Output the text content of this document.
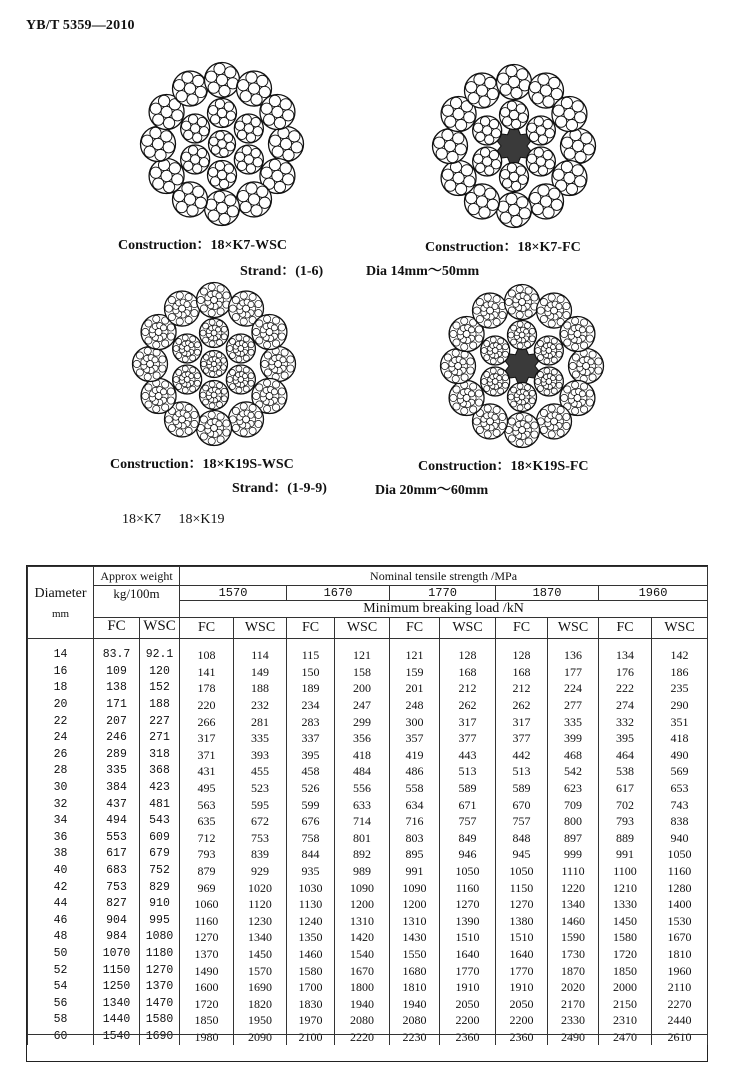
YB/T 5359—2010
Construction：18×K7-WSC	Construction：18×K7-FC
Strand：(1-6)	Dia 14mm～50mm
Construction：18×K19S-WSC	Construction：18×K19S-FC
Strand：(1-9-9)	Dia 20mm～60mm
18×K7 18×K19
Diameter
mm	Approx weight		Nominal tensile strength /MPa									
	kg/100m		1570		1670		1770		1870		1960	
			Minimum breaking load /kN									
	FC	WSC	FC	WSC	FC	WSC	FC	WSC	FC	WSC	FC	WSC
14	83.7	92.1	108	114	115	121	121	128	128	136	134	142
16	109	120	141	149	150	158	159	168	168	177	176	186
18	138	152	178	188	189	200	201	212	212	224	222	235
20	171	188	220	232	234	247	248	262	262	277	274	290
22	207	227	266	281	283	299	300	317	317	335	332	351
24	246	271	317	335	337	356	357	377	377	399	395	418
26	289	318	371	393	395	418	419	443	442	468	464	490
28	335	368	431	455	458	484	486	513	513	542	538	569
30	384	423	495	523	526	556	558	589	589	623	617	653
32	437	481	563	595	599	633	634	671	670	709	702	743
34	494	543	635	672	676	714	716	757	757	800	793	838
36	553	609	712	753	758	801	803	849	848	897	889	940
38	617	679	793	839	844	892	895	946	945	999	991	1050
40	683	752	879	929	935	989	991	1050	1050	1110	1100	1160
42	753	829	969	1020	1030	1090	1090	1160	1150	1220	1210	1280
44	827	910	1060	1120	1130	1200	1200	1270	1270	1340	1330	1400
46	904	995	1160	1230	1240	1310	1310	1390	1380	1460	1450	1530
48	984	1080	1270	1340	1350	1420	1430	1510	1510	1590	1580	1670
50	1070	1180	1370	1450	1460	1540	1550	1640	1640	1730	1720	1810
52	1150	1270	1490	1570	1580	1670	1680	1770	1770	1870	1850	1960
54	1250	1370	1600	1690	1700	1800	1810	1910	1910	2020	2000	2110
56	1340	1470	1720	1820	1830	1940	1940	2050	2050	2170	2150	2270
58	1440	1580	1850	1950	1970	2080	2080	2200	2200	2330	2310	2440
60	1540	1690	1980	2090	2100	2220	2230	2360	2360	2490	2470	2610
